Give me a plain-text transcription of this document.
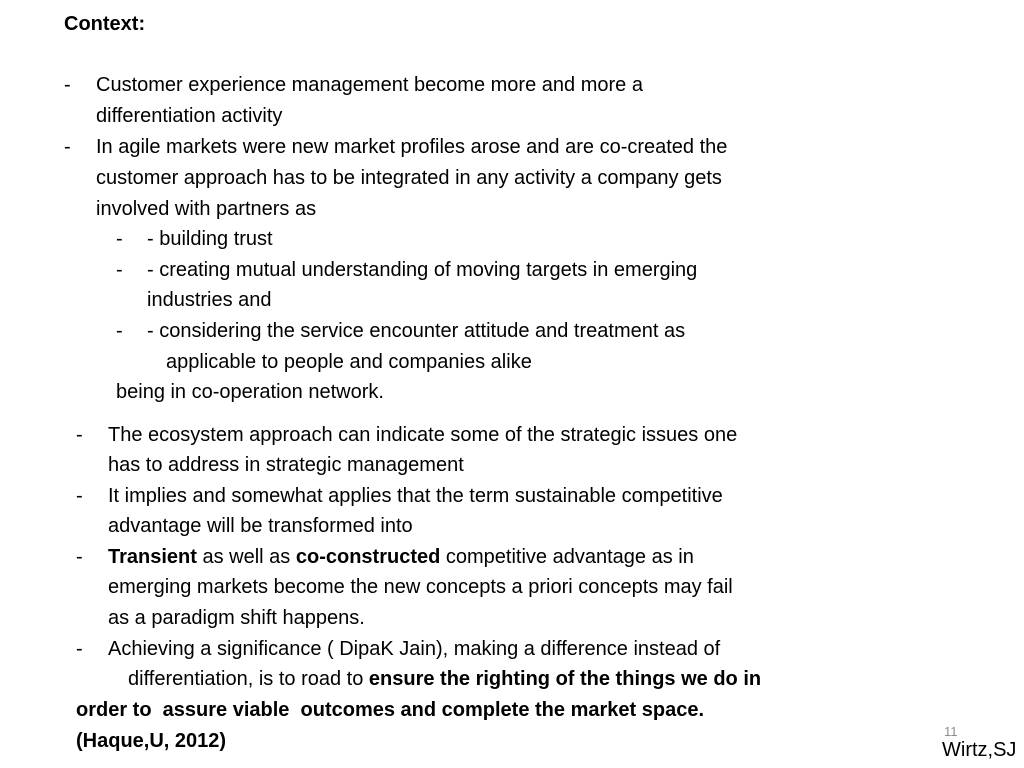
Context:
- Customer experience management become more and more a
differentiation activity
- In agile markets were new market profiles arose and are co-created the
customer approach has to be integrated in any activity a company gets
involved with partners as
- - building trust
- - creating mutual understanding of moving targets in emerging
industries and
- - considering the service encounter attitude and treatment as
applicable to people and companies alike
being in co-operation network.
- The ecosystem approach can indicate some of the strategic issues one
has to address in strategic management
- It implies and somewhat applies that the term sustainable competitive
advantage will be transformed into
- Transient as well as co-constructed competitive advantage as in
emerging markets become the new concepts a priori concepts may fail
as a paradigm shift happens.
- Achieving a significance ( DipaK Jain), making a difference instead of
differentiation, is to road to ensure the righting of the things we do in
order to  assure viable  outcomes and complete the market space.
(Haque,U, 2012)	11
Wirtz,SJ
